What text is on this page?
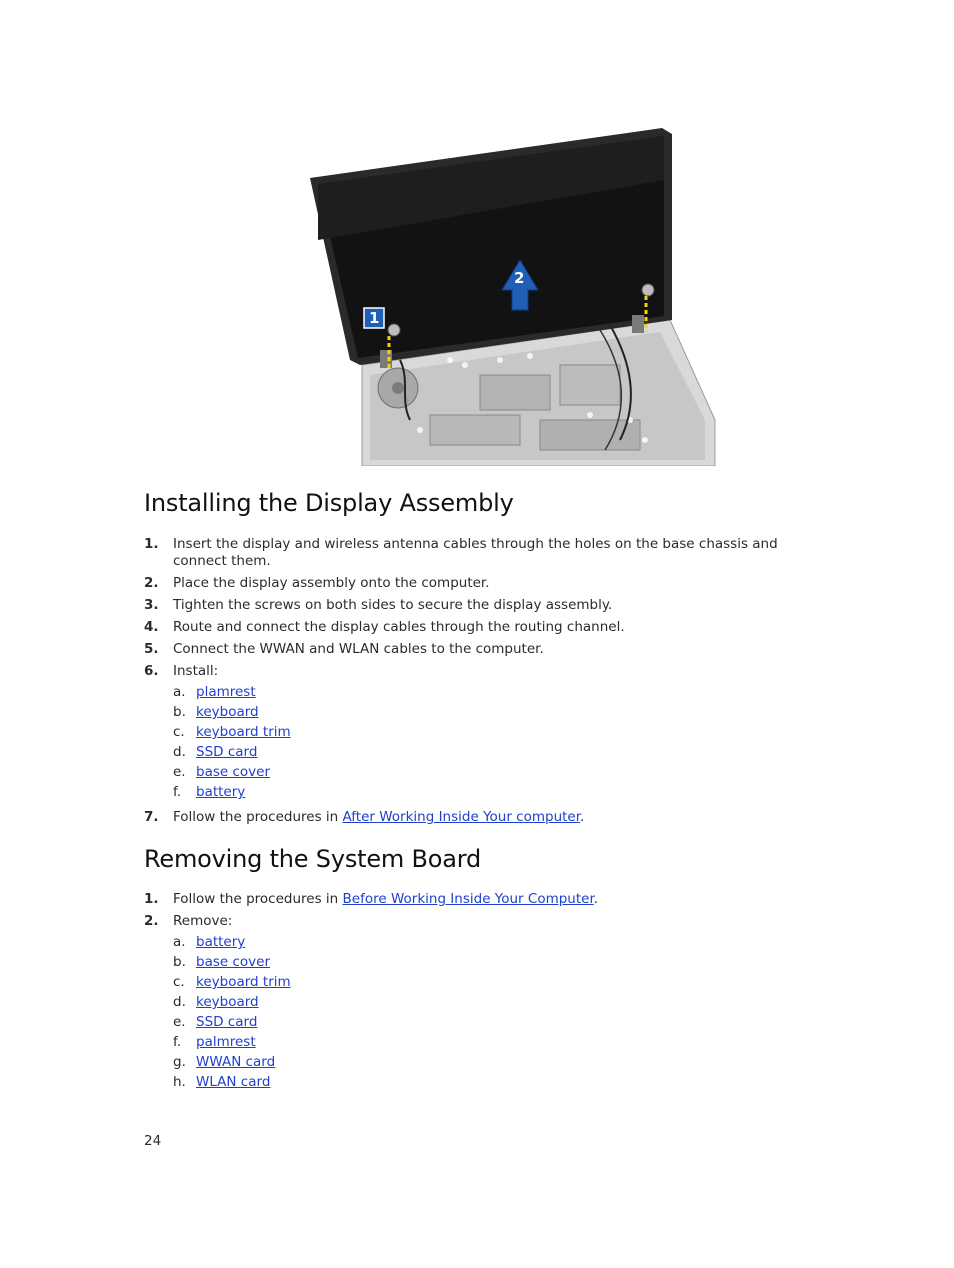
1
2
Installing the Display Assembly
1. Insert the display and wireless antenna cables through the holes on the base chassis and connect them.
2. Place the display assembly onto the computer.
3. Tighten the screws on both sides to secure the display assembly.
4. Route and connect the display cables through the routing channel.
5. Connect the WWAN and WLAN cables to the computer.
6. Install:
a. plamrest
b. keyboard
c. keyboard trim
d. SSD card
e. base cover
f. battery
7. Follow the procedures in After Working Inside Your computer.
Removing the System Board
1. Follow the procedures in Before Working Inside Your Computer.
2. Remove:
a. battery
b. base cover
c. keyboard trim
d. keyboard
e. SSD card
f. palmrest
g. WWAN card
h. WLAN card
24
